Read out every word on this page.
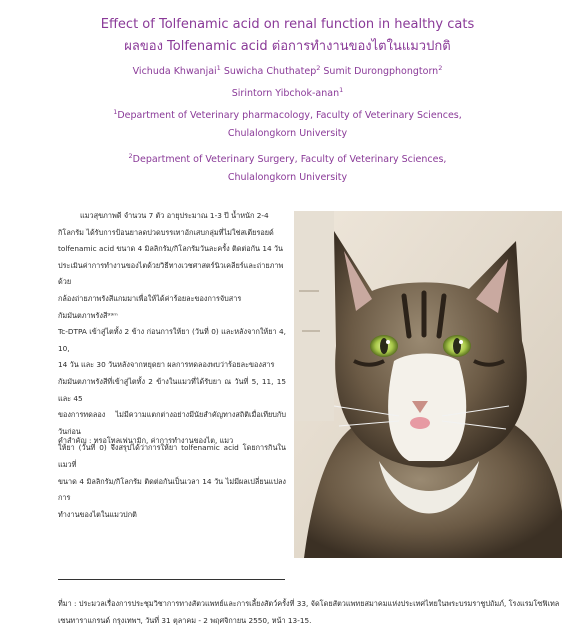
Effect of Tolfenamic acid on renal function in healthy cats
ผลของ Tolfenamic acid ต่อการทำงานของไตในแมวปกติ
Vichuda Khwanjai$^1$ Suwicha Chuthatep$^2$ Sumit Durongphongtorn$^2$
Sirintorn Yibchok-anan$^1$
$^1$Department of Veterinary pharmacology, Faculty of Veterinary Sciences,
Chulalongkorn University
$^2$Department of Veterinary Surgery, Faculty of Veterinary Sciences,
Chulalongkorn University
แมวสุขภาพดี จำนวน 7 ตัว อายุประมาณ 1-3 ปี น้ำหนัก 2-4
กิโลกรัม ได้รับการป้อนยาลดปวดบรรเทาอักเสบกลุ่มที่ไม่ใช่สเตียรอยด์
tolfenamic acid ขนาด 4 มิลลิกรัม/กิโลกรัมวันละครั้ง ติดต่อกัน 14 วัน
ประเมินค่าการทำงานของไตด้วยวิธีทางเวชศาสตร์นิวเคลียร์และถ่ายภาพด้วย
กล้องถ่ายภาพรังสีแกมมาเพื่อให้ได้ค่าร้อยละของการจับสารกัมมันตภาพรังสี⁹⁹ᵐ
Tc-DTPA เข้าสู่ไตทั้ง 2 ข้าง ก่อนการให้ยา (วันที่ 0) และหลังจากให้ยา 4, 10,
14 วัน และ 30 วันหลังจากหยุดยา ผลการทดลองพบว่าร้อยละของสาร
กัมมันตภาพรังสีที่เข้าสู่ไตทั้ง 2 ข้างในแมวที่ได้รับยา ณ วันที่ 5, 11, 15 และ 45
ของการทดลอง ไม่มีความแตกต่างอย่างมีนัยสำคัญทางสถิติเมื่อเทียบกับวันก่อน
ให้ยา (วันที่ 0) จึงสรุปได้ว่าการให้ยา tolfenamic acid โดยการกินในแมวที่
ขนาด 4 มิลลิกรัม/กิโลกรัม ติดต่อกันเป็นเวลา 14 วัน ไม่มีผลเปลี่ยนแปลงการ
ทำงานของไตในแมวปกติ
คำสำคัญ : ทรอโทลเฟนามิก, ค่าการทำงานของไต, แมว
ที่มา : ประมวลเรื่องการประชุมวิชาการทางสัตวแพทย์และการเลี้ยงสัตว์ครั้งที่ 33, จัดโดยสัตวแพทยสมาคมแห่งประเทศไทยในพระบรมราชูปถัมภ์, โรงแรมโซฟิเทล
เซนทาราแกรนด์ กรุงเทพฯ, วันที่ 31 ตุลาคม - 2 พฤศจิกายน 2550, หน้า 13-15.
